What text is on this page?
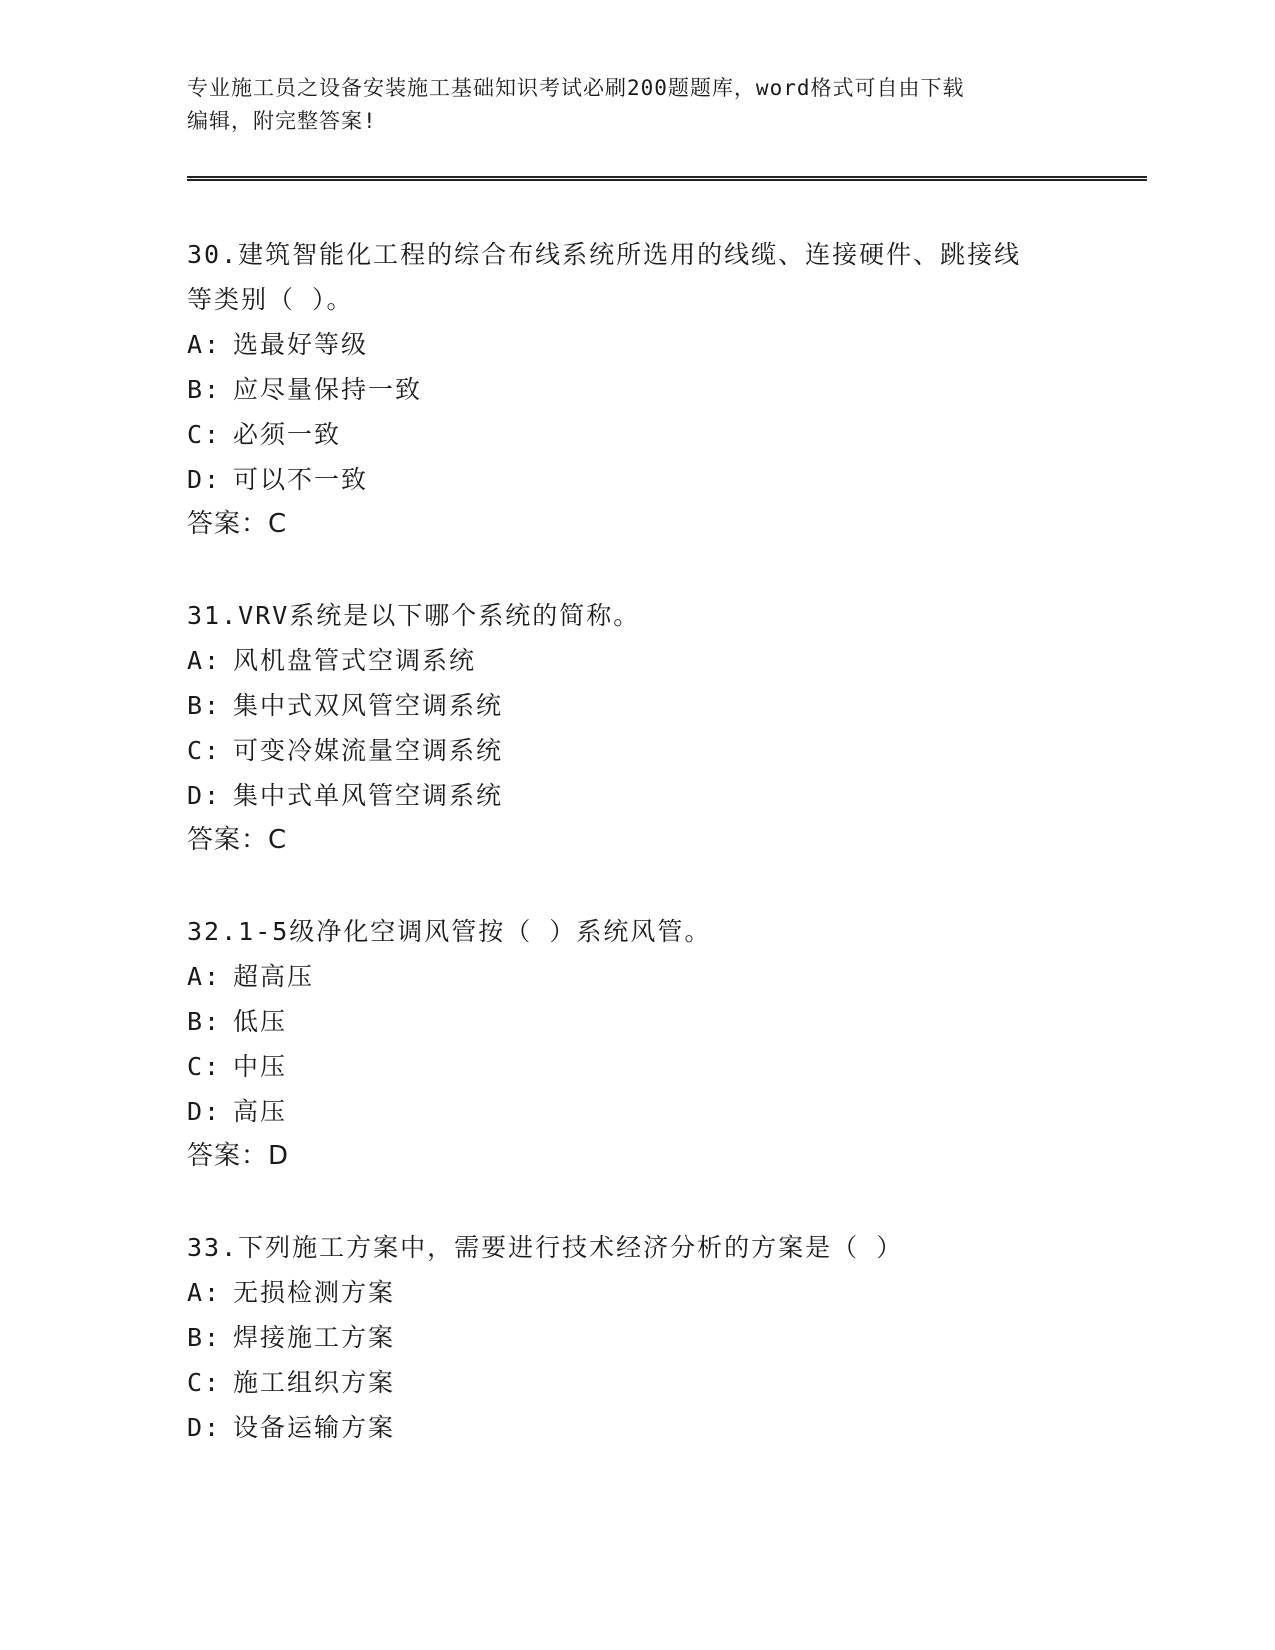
专业施工员之设备安装施工基础知识考试必刷200题题库，word格式可自由下载
编辑，附完整答案!
30.建筑智能化工程的综合布线系统所选用的线缆、连接硬件、跳接线
等类别（ ）。
A: 选最好等级
B: 应尽量保持一致
C: 必须一致
D: 可以不一致
答案：C
31.VRV系统是以下哪个系统的简称。
A: 风机盘管式空调系统
B: 集中式双风管空调系统
C: 可变冷媒流量空调系统
D: 集中式单风管空调系统
答案：C
32.1-5级净化空调风管按（ ）系统风管。
A: 超高压
B: 低压
C: 中压
D: 高压
答案：D
33.下列施工方案中，需要进行技术经济分析的方案是（ ）
A: 无损检测方案
B: 焊接施工方案
C: 施工组织方案
D: 设备运输方案
